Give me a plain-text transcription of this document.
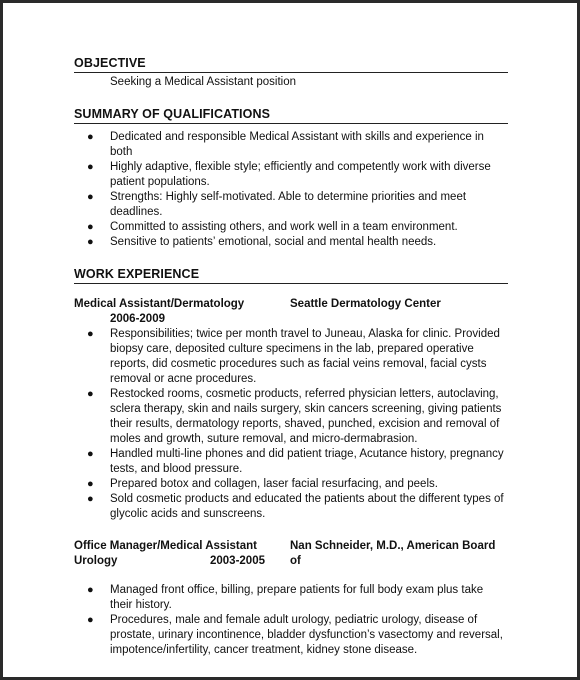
OBJECTIVE
Seeking a Medical Assistant position
SUMMARY OF QUALIFICATIONS
● Dedicated and responsible Medical Assistant with skills and experience in both
● Highly adaptive, flexible style; efficiently and competently work with diverse patient populations.
● Strengths: Highly self-motivated. Able to determine priorities and meet deadlines.
● Committed to assisting others, and work well in a team environment.
● Sensitive to patients’ emotional, social and mental health needs.
WORK EXPERIENCE
Medical Assistant/Dermatology	Seattle Dermatology Center
2006-2009
● Responsibilities; twice per month travel to Juneau, Alaska for clinic. Provided biopsy care, deposited culture specimens in the lab, prepared operative reports, did cosmetic procedures such as facial veins removal, facial cysts removal or acne procedures.
● Restocked rooms, cosmetic products, referred physician letters, autoclaving, sclera therapy, skin and nails surgery, skin cancers screening, giving patients their results, dermatology reports, shaved, punched, excision and removal of moles and growth, suture removal, and micro-dermabrasion.
● Handled multi-line phones and did patient triage, Acutance history, pregnancy tests, and blood pressure.
● Prepared botox and collagen, laser facial resurfacing, and peels.
● Sold cosmetic products and educated the patients about the different types of glycolic acids and sunscreens.
Office Manager/Medical Assistant	Nan Schneider, M.D., American Board of
Urology	2003-2005
● Managed front office, billing, prepare patients for full body exam plus take their history.
● Procedures, male and female adult urology, pediatric urology, disease of prostate, urinary incontinence, bladder dysfunction’s vasectomy and reversal, impotence/infertility, cancer treatment, kidney stone disease.
